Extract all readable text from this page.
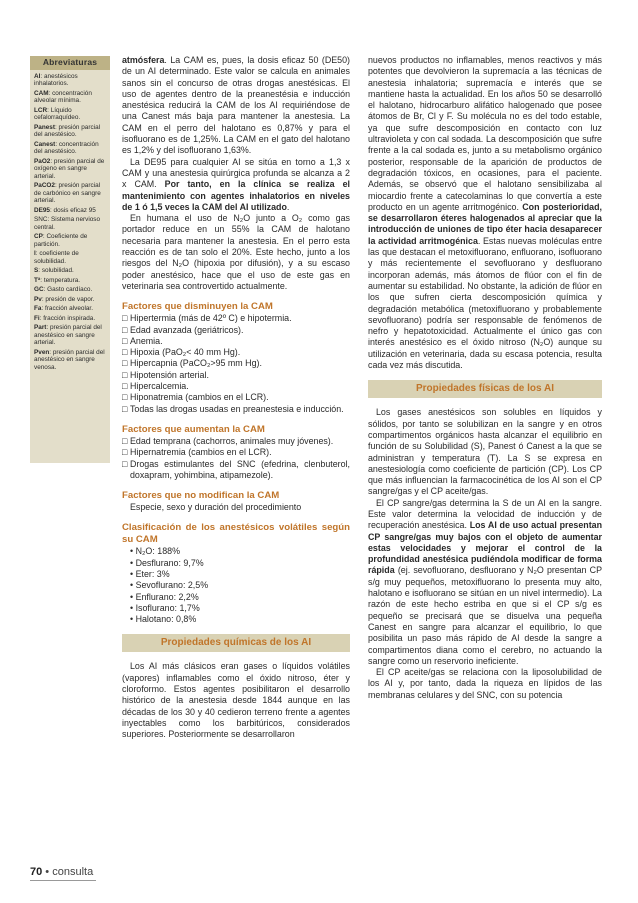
Abreviaturas
AI: anestésicos inhalatorios.
CAM: concentración alveolar mínima.
LCR: Líquido cefalorraquídeo.
Panest: presión parcial del anestésico.
Canest: concentración del anestésico.
PaO2: presión parcial de oxígeno en sangre arterial.
PaCO2: presión parcial de carbónico en sangre arterial.
DE95: dosis eficaz 95
SNC: Sistema nervioso central.
CP: Coeficiente de partición.
l: coeficiente de solubilidad.
S: solubilidad.
Tª: temperatura.
GC: Gasto cardíaco.
Pv: presión de vapor.
Fa: fracción alveolar.
Fi: fracción inspirada.
Part: presión parcial del anestésico en sangre arterial.
Pven: presión parcial del anestésico en sangre venosa.

atmósfera. La CAM es, pues, la dosis eficaz 50 (DE50) de un AI determinado. Este valor se calcula en animales sanos sin el concurso de otras drogas anestésicas. El uso de agentes dentro de la preanestésia e inducción anestésica reducirá la CAM de los AI requiriéndose de una Canest más baja para mantener la anestesia. La CAM en el perro del halotano es 0,87% y para el isofluorano es de 1,25%. La CAM en el gato del halotano es 1,2% y del isofluorano 1,63%.

La DE95 para cualquier AI se sitúa en torno a 1,3 x CAM y una anestesia quirúrgica profunda se alcanza a 2 x CAM. Por tanto, en la clínica se realiza el mantenimiento con agentes inhalatorios en niveles de 1 ó 1,5 veces la CAM del AI utilizado.

En humana el uso de N₂O junto a O₂ como gas portador reduce en un 55% la CAM de halotano necesaria para mantener la anestesia. En el perro esta reacción es de tan solo el 20%. Este hecho, junto a los riesgos del N₂O (hipoxia por difusión), y a su escaso poder anestésico, hace que el uso de este gas en veterinaria sea controvertido actualmente.

Factores que disminuyen la CAM

□ Hipertermia (más de 42º C) e hipotermia.
□ Edad avanzada (geriátricos).
□ Anemia.
□ Hipoxia (PaO₂< 40 mm Hg).
□ Hipercapnia (PaCO₂>95 mm Hg).
□ Hipotensión arterial.
□ Hipercalcemia.
□ Hiponatremia (cambios en el LCR).
□ Todas las drogas usadas en preanestesia e inducción.

Factores que aumentan la CAM

□ Edad temprana (cachorros, animales muy jóvenes).
□ Hipernatremia (cambios en el LCR).
□ Drogas estimulantes del SNC (efedrina, clenbuterol, doxapram, yohimbina, atipamezole).

Factores que no modifican la CAM

Especie, sexo y duración del procedimiento

Clasificación de los anestésicos volátiles según su CAM

• N₂O: 188%
• Desflurano: 9,7%
• Eter: 3%
• Sevoflurano: 2,5%
• Enflurano: 2,2%
• Isoflurano: 1,7%
• Halotano: 0,8%
Propiedades químicas de los AI

Los AI más clásicos eran gases o líquidos volátiles (vapores) inflamables como el óxido nitroso, éter y cloroformo. Estos agentes posibilitaron el desarrollo histórico de la anestesia desde 1844 aunque en las décadas de los 30 y 40 cedieron terreno frente a agentes inyectables como los barbitúricos, considerados superiores. Posteriormente se desarrollaron

nuevos productos no inflamables, menos reactivos y más potentes que devolvieron la supremacía a las técnicas de anestesia inhalatoria; supremacía e interés que se mantiene hasta la actualidad. En los años 50 se desarrolló el halotano, hidrocarburo alifático halogenado que posee átomos de Br, Cl y F. Su molécula no es del todo estable, ya que sufre descomposición en contacto con luz ultravioleta y con cal sodada. La descomposición que sufre frente a la cal sodada es, junto a su metabolismo orgánico posterior, responsable de la aparición de productos de degradación tóxicos, en ocasiones, para el paciente. Además, se observó que el halotano sensibilizaba al miocardio frente a catecolaminas lo que convertía a este producto en un agente arritmogénico. Con posterioridad, se desarrollaron éteres halogenados al apreciar que la introducción de uniones de tipo éter hacia desaparecer la actividad arritmogénica. Estas nuevas moléculas entre las que destacan el metoxifluorano, enfluorano, isofluorano y más recientemente el sevofluorano y desfluorano incorporan además, más átomos de flúor con el fin de aumentar su estabilidad. No obstante, la adición de flúor en los que sufren cierta descomposición química y degradación metabólica (metoxifluorano y probablemente sevofluorano) podría ser responsable de fenómenos de nefro y hepatotoxicidad. Actualmente el único gas con interés anestésico es el óxido nitroso (N₂O) aunque su utilización en veterinaria, dada su escasa potencia, resulta cada vez más discutida.

Propiedades físicas de los AI

Los gases anestésicos son solubles en líquidos y sólidos, por tanto se solubilizan en la sangre y en otros compartimentos orgánicos hasta alcanzar el equilibrio en función de su Solubilidad (S), Panest ó Canest a la que se administran y temperatura (T). La S se expresa en anestesiología como coeficiente de partición (CP). Los CP que más influencian la farmacocinética de los AI son el CP sangre/gas y el CP aceite/gas.

El CP sangre/gas determina la S de un AI en la sangre. Este valor determina la velocidad de inducción y de recuperación anestésica. Los AI de uso actual presentan CP sangre/gas muy bajos con el objeto de aumentar estas velocidades y mejorar el control de la profundidad anestésica pudiéndola modificar de forma rápida (ej. sevofluorano, desfluorano y N₂O presentan CP s/g muy pequeños, metoxifluorano lo presenta muy alto, halotano e isofluorano se sitúan en un nivel intermedio). La razón de este hecho estriba en que si el CP s/g es pequeño se precisará que se disuelva una pequeña Canest en sangre para alcanzar el equilibrio, lo que posibilita un paso más rápido de AI desde la sangre a compartimentos diana como el cerebro, no actuando la sangre como un reservorio ineficiente.

El CP aceite/gas se relaciona con la liposolubilidad de los AI y, por tanto, dada la riqueza en lípidos de las membranas celulares y del SNC, con su potencia

70 • consulta
